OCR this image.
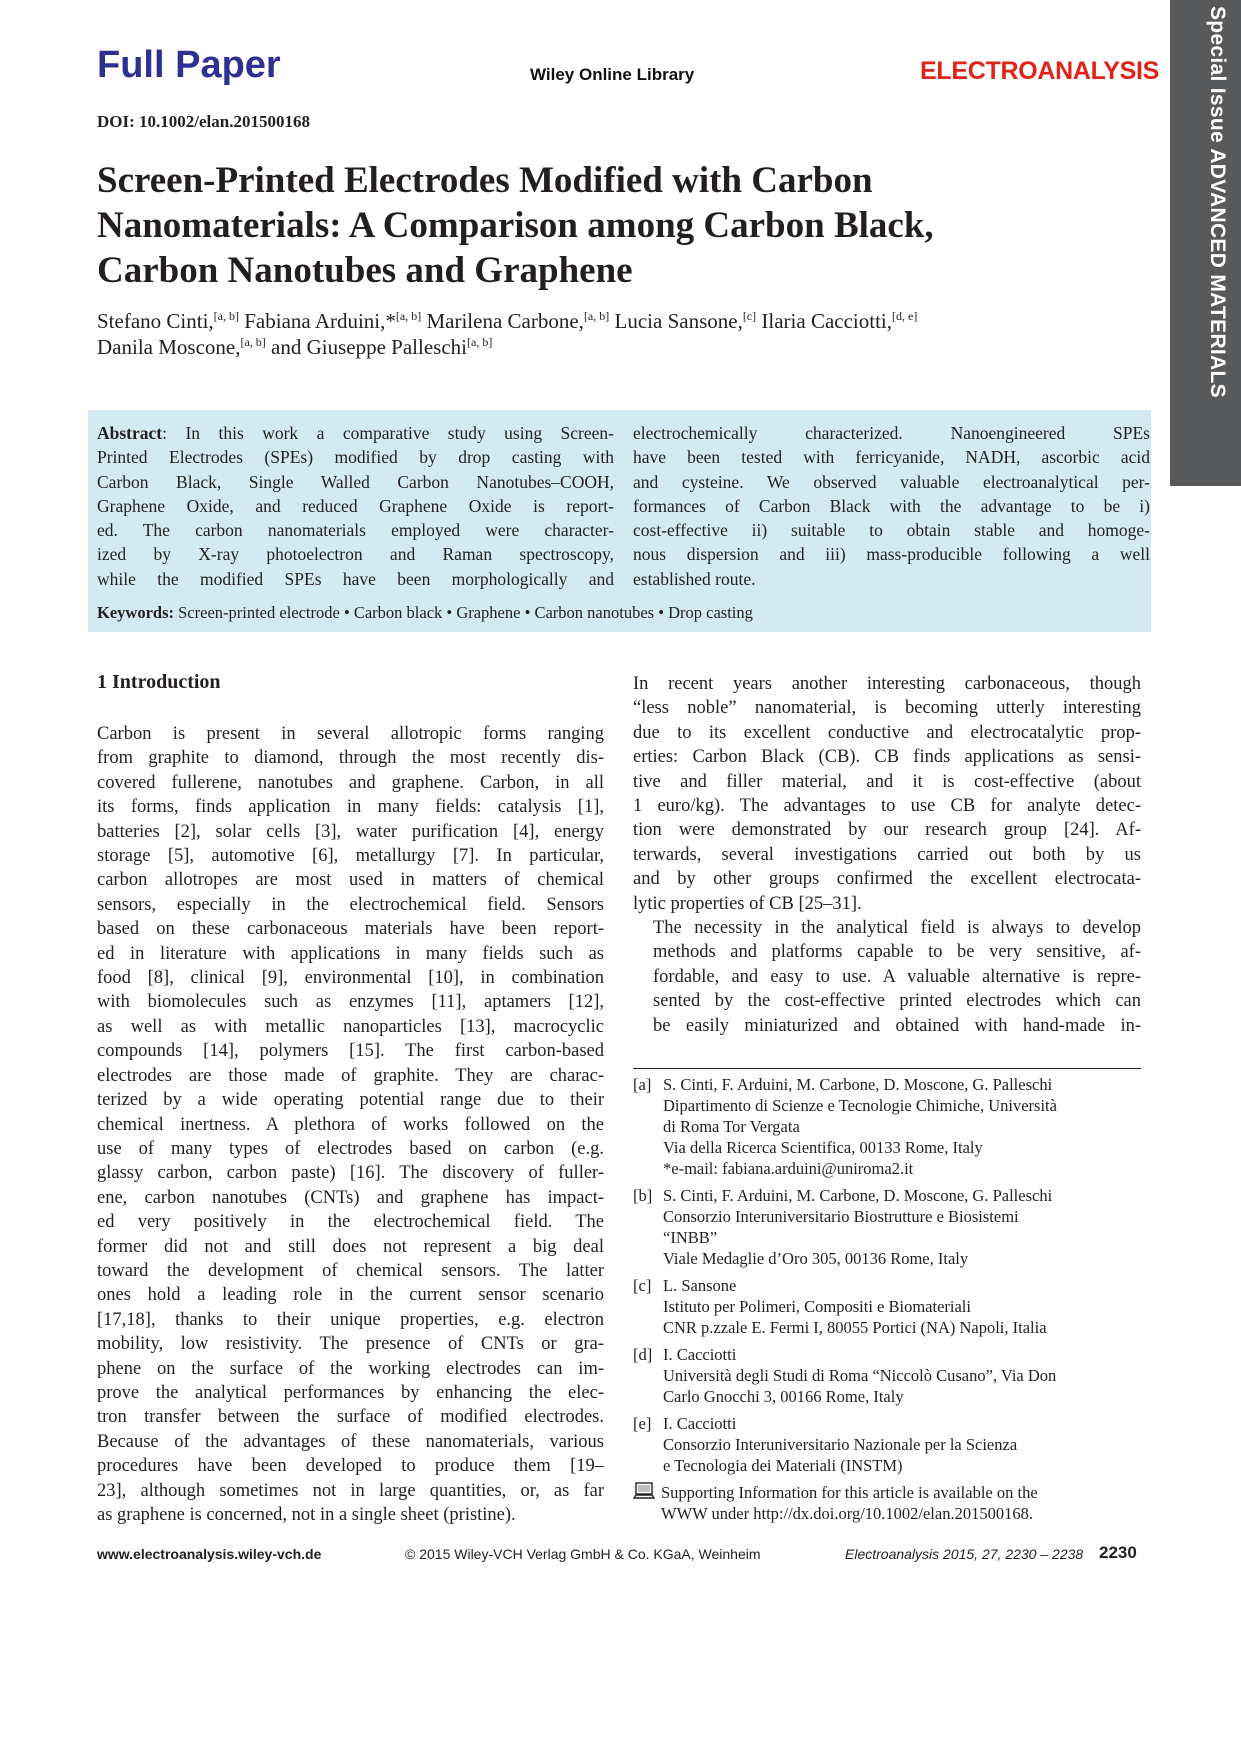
Full Paper	Wiley Online Library	ELECTROANALYSIS
DOI: 10.1002/elan.201500168	Special Issue ADVANCED MATERIALS
Screen-Printed Electrodes Modified with Carbon
Nanomaterials: A Comparison among Carbon Black,
Carbon Nanotubes and Graphene
Stefano Cinti,[a, b] Fabiana Arduini,*[a, b] Marilena Carbone,[a, b] Lucia Sansone,[c] Ilaria Cacciotti,[d, e]
Danila Moscone,[a, b] and Giuseppe Palleschi[a, b]
Abstract: In this work a comparative study using Screen-
Printed Electrodes (SPEs) modified by drop casting with
Carbon Black, Single Walled Carbon Nanotubes–COOH,
Graphene Oxide, and reduced Graphene Oxide is report-
ed. The carbon nanomaterials employed were character-
ized by X-ray photoelectron and Raman spectroscopy,
while the modified SPEs have been morphologically and
electrochemically characterized. Nanoengineered SPEs
have been tested with ferricyanide, NADH, ascorbic acid
and cysteine. We observed valuable electroanalytical per-
formances of Carbon Black with the advantage to be i)
cost-effective ii) suitable to obtain stable and homoge-
nous dispersion and iii) mass-producible following a well
established route.
Keywords: Screen-printed electrode • Carbon black • Graphene • Carbon nanotubes • Drop casting
1 Introduction
Carbon is present in several allotropic forms ranging
from graphite to diamond, through the most recently dis-
covered fullerene, nanotubes and graphene. Carbon, in all
its forms, finds application in many fields: catalysis [1],
batteries [2], solar cells [3], water purification [4], energy
storage [5], automotive [6], metallurgy [7]. In particular,
carbon allotropes are most used in matters of chemical
sensors, especially in the electrochemical field. Sensors
based on these carbonaceous materials have been report-
ed in literature with applications in many fields such as
food [8], clinical [9], environmental [10], in combination
with biomolecules such as enzymes [11], aptamers [12],
as well as with metallic nanoparticles [13], macrocyclic
compounds [14], polymers [15]. The first carbon-based
electrodes are those made of graphite. They are charac-
terized by a wide operating potential range due to their
chemical inertness. A plethora of works followed on the
use of many types of electrodes based on carbon (e.g.
glassy carbon, carbon paste) [16]. The discovery of fuller-
ene, carbon nanotubes (CNTs) and graphene has impact-
ed very positively in the electrochemical field. The
former did not and still does not represent a big deal
toward the development of chemical sensors. The latter
ones hold a leading role in the current sensor scenario
[17,18], thanks to their unique properties, e.g. electron
mobility, low resistivity. The presence of CNTs or gra-
phene on the surface of the working electrodes can im-
prove the analytical performances by enhancing the elec-
tron transfer between the surface of modified electrodes.
Because of the advantages of these nanomaterials, various
procedures have been developed to produce them [19–
23], although sometimes not in large quantities, or, as far
as graphene is concerned, not in a single sheet (pristine).
In recent years another interesting carbonaceous, though
“less noble” nanomaterial, is becoming utterly interesting
due to its excellent conductive and electrocatalytic prop-
erties: Carbon Black (CB). CB finds applications as sensi-
tive and filler material, and it is cost-effective (about
1 euro/kg). The advantages to use CB for analyte detec-
tion were demonstrated by our research group [24]. Af-
terwards, several investigations carried out both by us
and by other groups confirmed the excellent electrocata-
lytic properties of CB [25–31].
The necessity in the analytical field is always to develop
methods and platforms capable to be very sensitive, af-
fordable, and easy to use. A valuable alternative is repre-
sented by the cost-effective printed electrodes which can
be easily miniaturized and obtained with hand-made in-
[a] S. Cinti, F. Arduini, M. Carbone, D. Moscone, G. Palleschi
Dipartimento di Scienze e Tecnologie Chimiche, Università
di Roma Tor Vergata
Via della Ricerca Scientifica, 00133 Rome, Italy
*e-mail: fabiana.arduini@uniroma2.it
[b] S. Cinti, F. Arduini, M. Carbone, D. Moscone, G. Palleschi
Consorzio Interuniversitario Biostrutture e Biosistemi
“INBB”
Viale Medaglie d’Oro 305, 00136 Rome, Italy
[c] L. Sansone
Istituto per Polimeri, Compositi e Biomateriali
CNR p.zzale E. Fermi I, 80055 Portici (NA) Napoli, Italia
[d] I. Cacciotti
Università degli Studi di Roma “Niccolò Cusano”, Via Don
Carlo Gnocchi 3, 00166 Rome, Italy
[e] I. Cacciotti
Consorzio Interuniversitario Nazionale per la Scienza
e Tecnologia dei Materiali (INSTM)
Supporting Information for this article is available on the
WWW under http://dx.doi.org/10.1002/elan.201500168.
www.electroanalysis.wiley-vch.de	© 2015 Wiley-VCH Verlag GmbH & Co. KGaA, Weinheim	Electroanalysis 2015, 27, 2230 – 2238 2230
